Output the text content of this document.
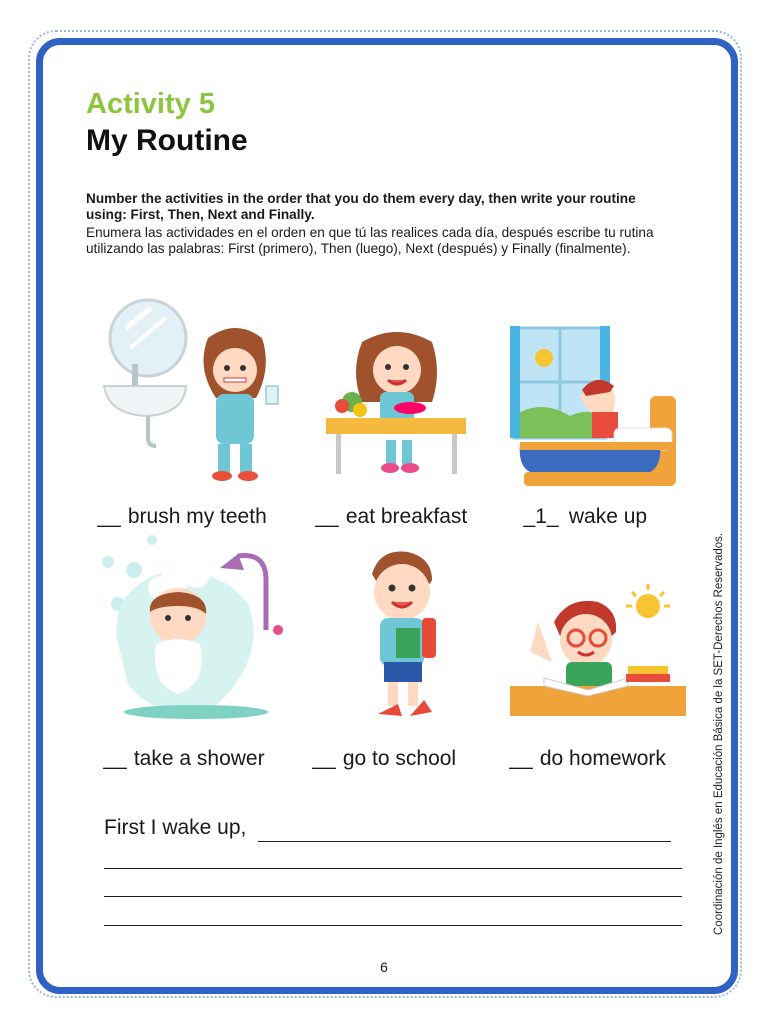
Activity 5
My Routine
Number the activities in the order that you do them every day, then write your routine using: First, Then, Next and Finally.
Enumera las actividades en el orden en que tú las realices cada día, después escribe tu rutina utilizando las palabras: First (primero), Then (luego), Next (después) y Finally (finalmente).
__ brush my teeth __ eat breakfast	_1_ wake up
__ take a shower __ go to school	__ do homework
First I wake up,
6
Coordinación de Inglés en Educación Básica de la SET-Derechos Reservados.
